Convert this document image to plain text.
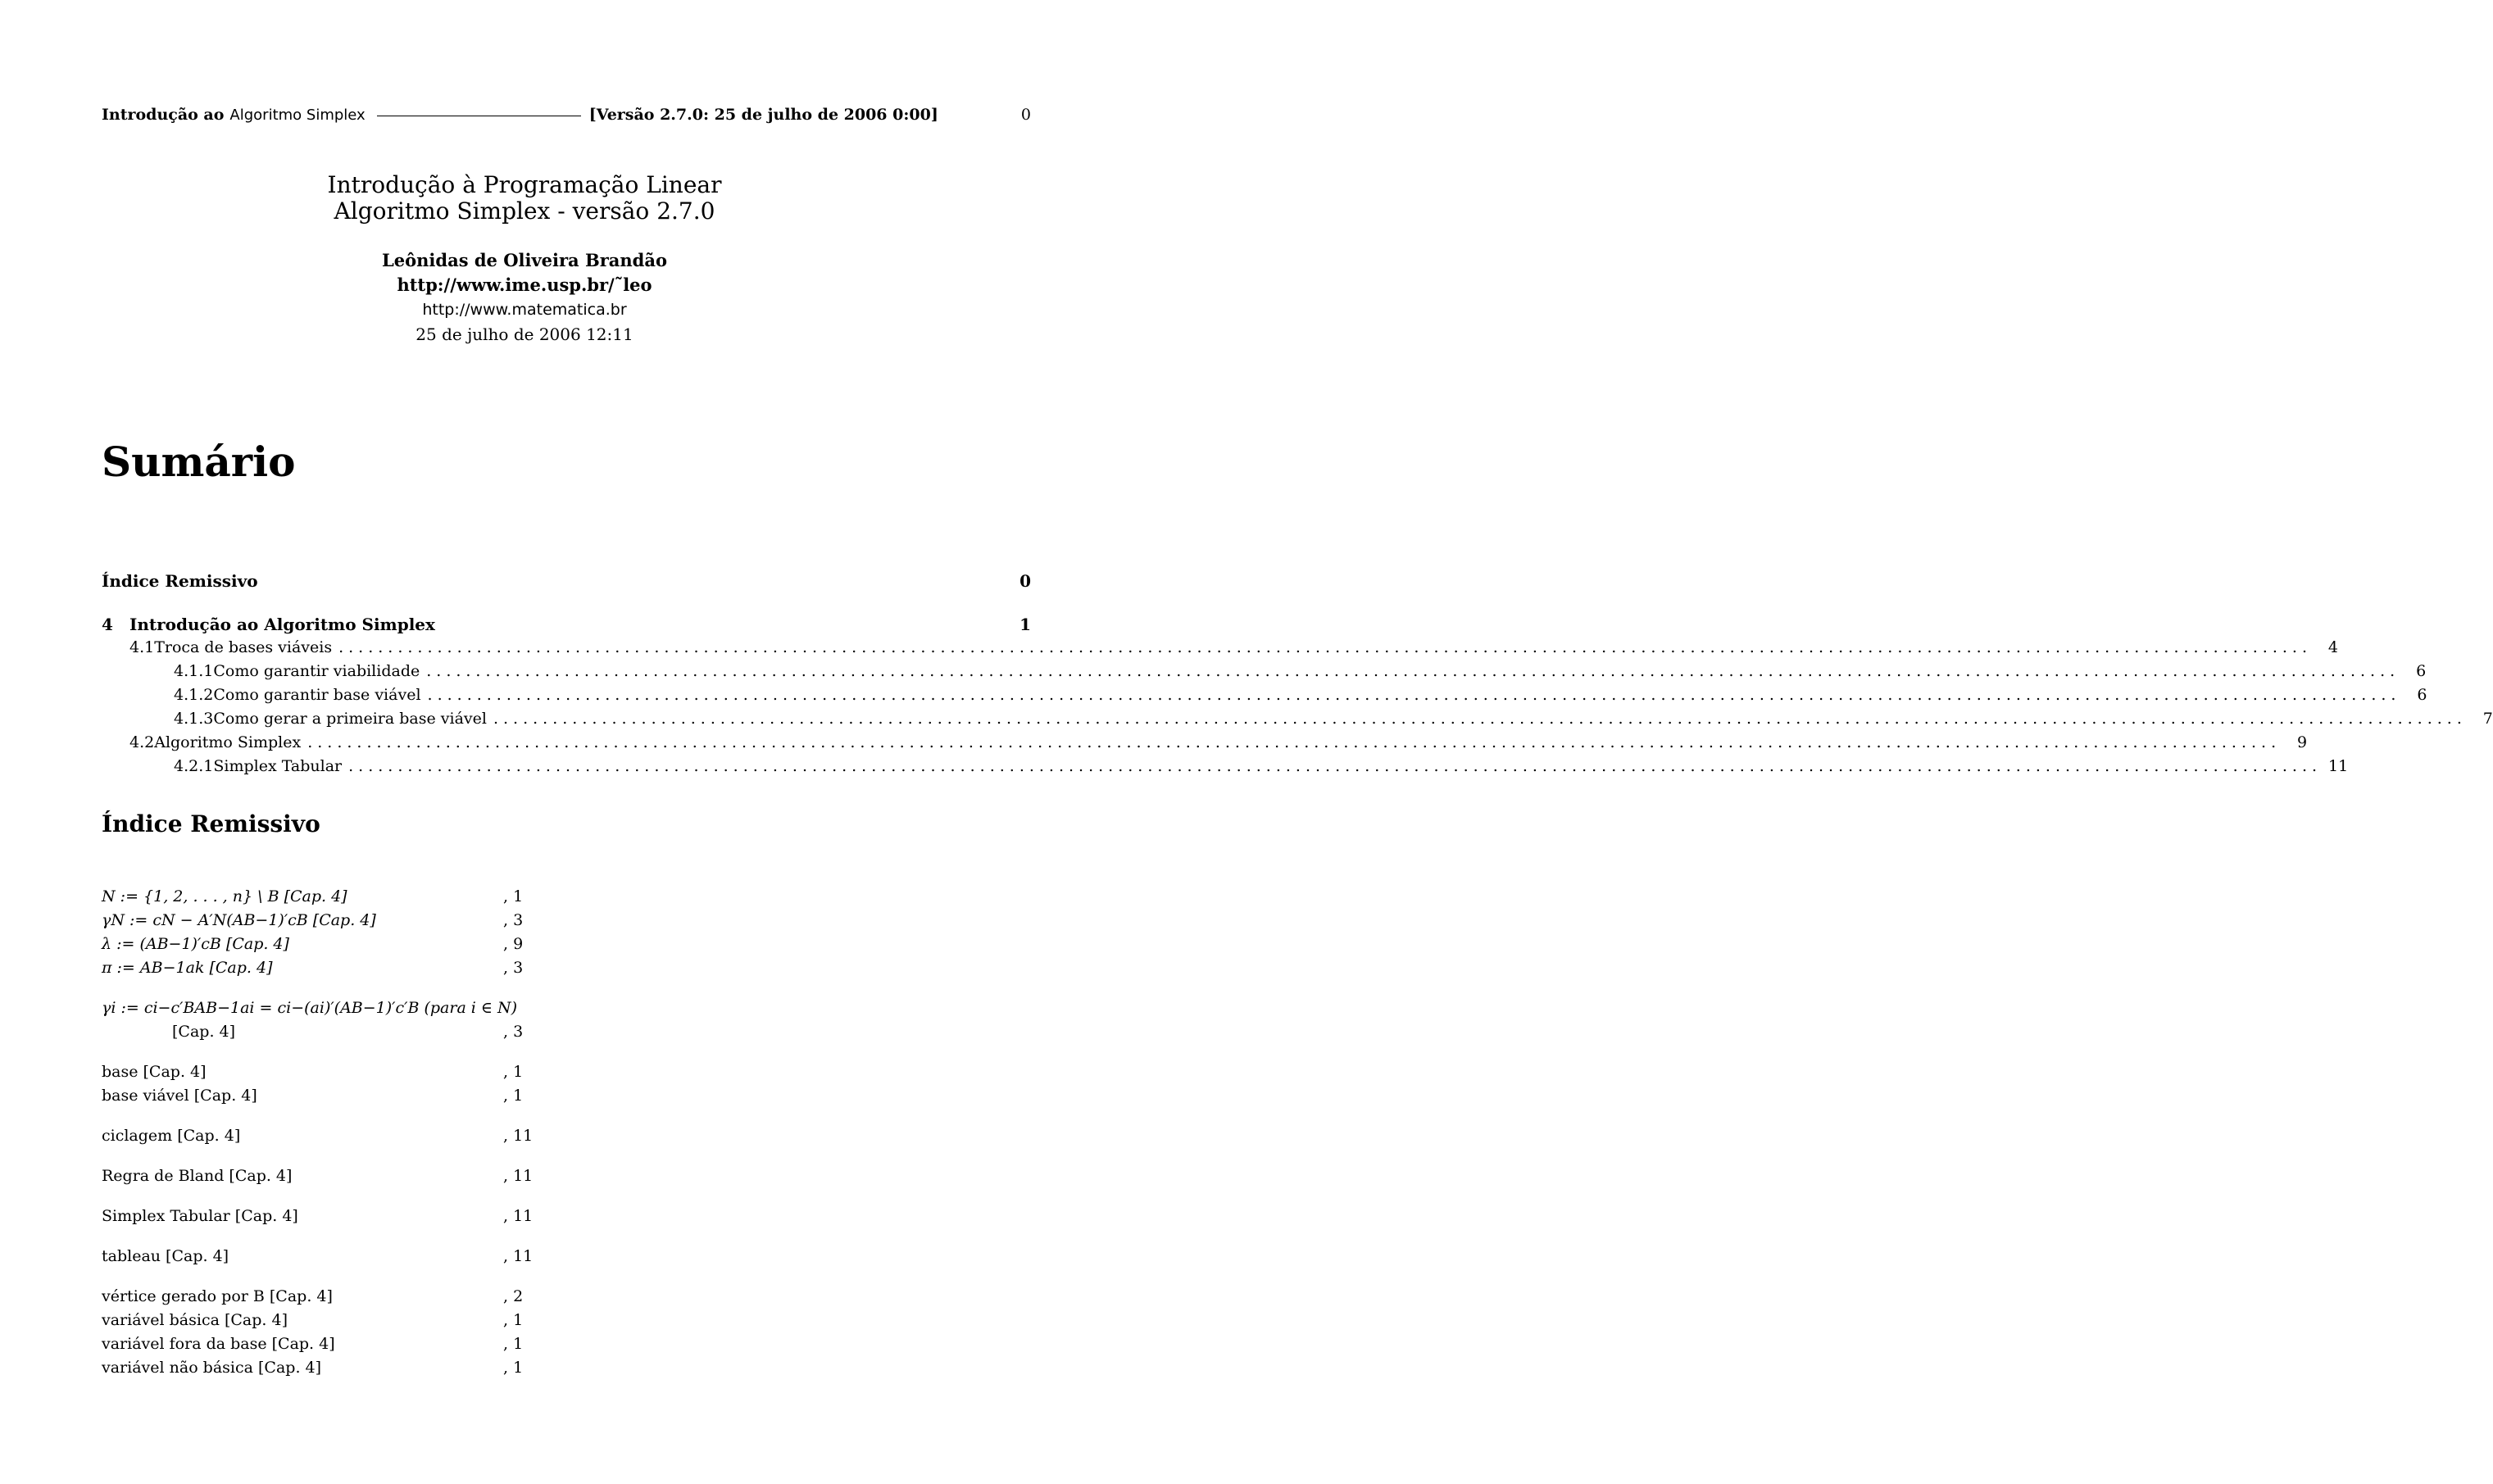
Introdução ao Algoritmo Simplex	[Versão 2.7.0: 25 de julho de 2006 0:00]	0
Introdução à Programação Linear
Algoritmo Simplex - versão 2.7.0
Leônidas de Oliveira Brandão
http://www.ime.usp.br/˜leo
http://www.matematica.br
25 de julho de 2006 12:11
Sumário
Índice Remissivo	0
4	Introdução ao Algoritmo Simplex	1
4.1 Troca de bases viáveis ........................................................................................................................................................................................................	4
4.1.1 Como garantir viabilidade ........................................................................................................................................................................................................	6
4.1.2 Como garantir base viável ........................................................................................................................................................................................................	6
4.1.3 Como gerar a primeira base viável ........................................................................................................................................................................................................	7
4.2 Algoritmo Simplex ........................................................................................................................................................................................................	9
4.2.1 Simplex Tabular ........................................................................................................................................................................................................ 11
Índice Remissivo
N := {1, 2, . . . , n} \ B [Cap. 4]	, 1
γN := cN − A′N(AB−1)′cB [Cap. 4]	, 3
λ := (AB−1)′cB [Cap. 4]	, 9
π := AB−1ak [Cap. 4]	, 3
γi := ci−c′BAB−1ai = ci−(ai)′(AB−1)′c′B (para i ∈ N)
[Cap. 4]	, 3
base [Cap. 4]	, 1
base viável [Cap. 4]	, 1
ciclagem [Cap. 4]	, 11
Regra de Bland [Cap. 4]	, 11
Simplex Tabular [Cap. 4]	, 11
tableau [Cap. 4]	, 11
vértice gerado por B [Cap. 4]	, 2
variável básica [Cap. 4]	, 1
variável fora da base [Cap. 4]	, 1
variável não básica [Cap. 4]	, 1
